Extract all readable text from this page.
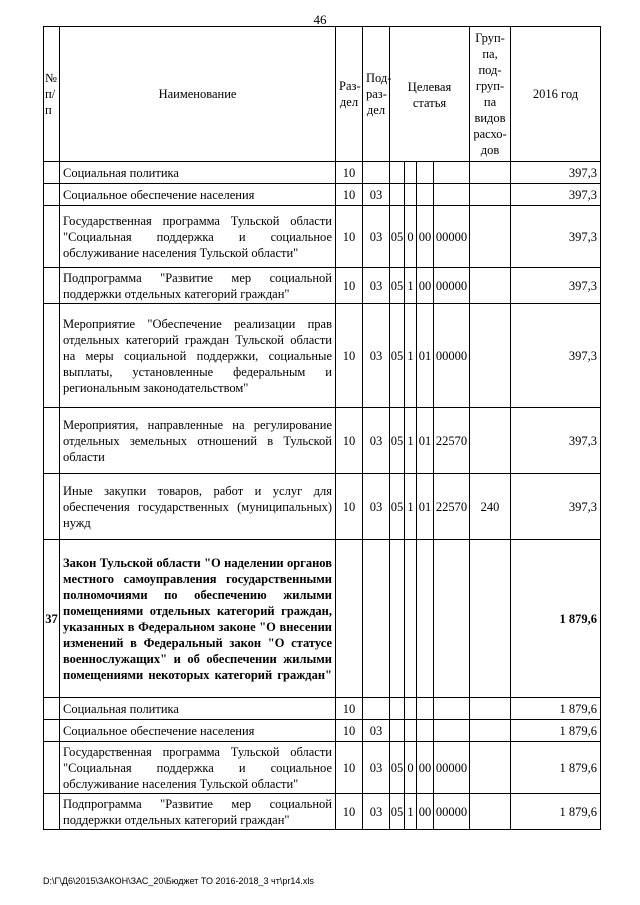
46
№ п/п	Наименование	Раз-дел	Под-раз-дел	Целевая статья				Груп-па, под-груп-па видов расхо-дов	2016 год
	Социальная политика	10							397,3
	Социальное обеспечение населения	10	03						397,3
	Государственная программа Тульской области "Социальная поддержка и социальное обслуживание населения Тульской области"	10	03	05	0	00	00000		397,3
	Подпрограмма "Развитие мер социальной поддержки отдельных категорий граждан"	10	03	05	1	00	00000		397,3
	Мероприятие "Обеспечение реализации прав отдельных категорий граждан Тульской области на меры социальной поддержки, социальные выплаты, установленные федеральным и региональным законодательством"	10	03	05	1	01	00000		397,3
	Мероприятия, направленные на регулирование отдельных земельных отношений в Тульской области	10	03	05	1	01	22570		397,3
	Иные закупки товаров, работ и услуг для обеспечения государственных (муниципальных) нужд	10	03	05	1	01	22570	240	397,3
37	Закон Тульской области "О наделении органов местного самоуправления государственными полномочиями по обеспечению жилыми помещениями отдельных категорий граждан, указанных в Федеральном законе "О внесении изменений в Федеральный закон "О статусе военнослужащих" и об обеспечении жилыми помещениями некоторых категорий граждан"								1 879,6
	Социальная политика	10							1 879,6
	Социальное обеспечение населения	10	03						1 879,6
	Государственная программа Тульской области "Социальная поддержка и социальное обслуживание населения Тульской области"	10	03	05	0	00	00000		1 879,6
	Подпрограмма "Развитие мер социальной поддержки отдельных категорий граждан"	10	03	05	1	00	00000		1 879,6
D:\Г\Д6\2015\ЗАКОН\ЗАС_20\Бюджет ТО 2016-2018_3 чт\pr14.xls
